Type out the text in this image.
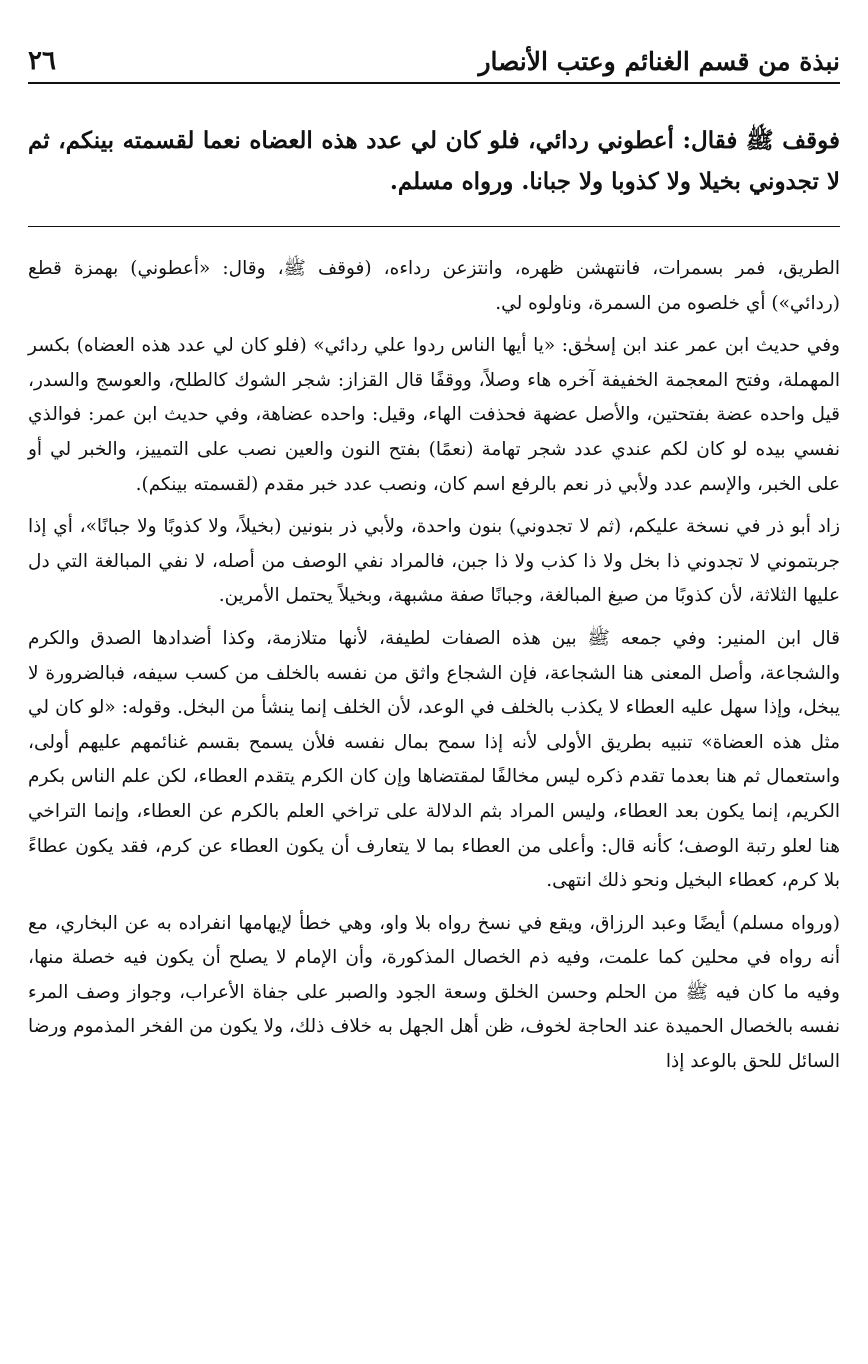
نبذة من قسم الغنائم وعتب الأنصار
٢٦

فوقف ﷺ فقال: أعطوني ردائي، فلو كان لي عدد هذه العضاه نعما لقسمته بينكم، ثم لا تجدوني بخيلا ولا كذوبا ولا جبانا. ورواه مسلم.

الطريق، فمر بسمرات، فانتهشن ظهره، وانتزعن رداءه، (فوقف ﷺ، وقال: «أعطوني) بهمزة قطع (ردائي») أي خلصوه من السمرة، وناولوه لي.

وفي حديث ابن عمر عند ابن إسحٰق: «يا أيها الناس ردوا علي ردائي» (فلو كان لي عدد هذه العضاه) بكسر المهملة، وفتح المعجمة الخفيفة آخره هاء وصلاً، ووقفًا قال القزاز: شجر الشوك كالطلح، والعوسج والسدر، قيل واحده عضة بفتحتين، والأصل عضهة فحذفت الهاء، وقيل: واحده عضاهة، وفي حديث ابن عمر: فوالذي نفسي بيده لو كان لكم عندي عدد شجر تهامة (نعمًا) بفتح النون والعين نصب على التمييز، والخبر لي أو على الخبر، والإسم عدد ولأبي ذر نعم بالرفع اسم كان، ونصب عدد خبر مقدم (لقسمته بينكم).

زاد أبو ذر في نسخة عليكم، (ثم لا تجدوني) بنون واحدة، ولأبي ذر بنونين (بخيلاً، ولا كذوبًا ولا جبانًا»، أي إذا جربتموني لا تجدوني ذا بخل ولا ذا كذب ولا ذا جبن، فالمراد نفي الوصف من أصله، لا نفي المبالغة التي دل عليها الثلاثة، لأن كذوبًا من صيغ المبالغة، وجبانًا صفة مشبهة، وبخيلاً يحتمل الأمرين.

قال ابن المنير: وفي جمعه ﷺ بين هذه الصفات لطيفة، لأنها متلازمة، وكذا أضدادها الصدق والكرم والشجاعة، وأصل المعنى هنا الشجاعة، فإن الشجاع واثق من نفسه بالخلف من كسب سيفه، فبالضرورة لا يبخل، وإذا سهل عليه العطاء لا يكذب بالخلف في الوعد، لأن الخلف إنما ينشأ من البخل. وقوله: «لو كان لي مثل هذه العضاة» تنبيه بطريق الأولى لأنه إذا سمح بمال نفسه فلأن يسمح بقسم غنائمهم عليهم أولى، واستعمال ثم هنا بعدما تقدم ذكره ليس مخالفًا لمقتضاها وإن كان الكرم يتقدم العطاء، لكن علم الناس بكرم الكريم، إنما يكون بعد العطاء، وليس المراد بثم الدلالة على تراخي العلم بالكرم عن العطاء، وإنما التراخي هنا لعلو رتبة الوصف؛ كأنه قال: وأعلى من العطاء بما لا يتعارف أن يكون العطاء عن كرم، فقد يكون عطاءً بلا كرم، كعطاء البخيل ونحو ذلك انتهى.

(ورواه مسلم) أيضًا وعبد الرزاق، ويقع في نسخ رواه بلا واو، وهي خطأ لإيهامها انفراده به عن البخاري، مع أنه رواه في محلين كما علمت، وفيه ذم الخصال المذكورة، وأن الإمام لا يصلح أن يكون فيه خصلة منها، وفيه ما كان فيه ﷺ من الحلم وحسن الخلق وسعة الجود والصبر على جفاة الأعراب، وجواز وصف المرء نفسه بالخصال الحميدة عند الحاجة لخوف، ظن أهل الجهل به خلاف ذلك، ولا يكون من الفخر المذموم ورضا السائل للحق بالوعد إذا
